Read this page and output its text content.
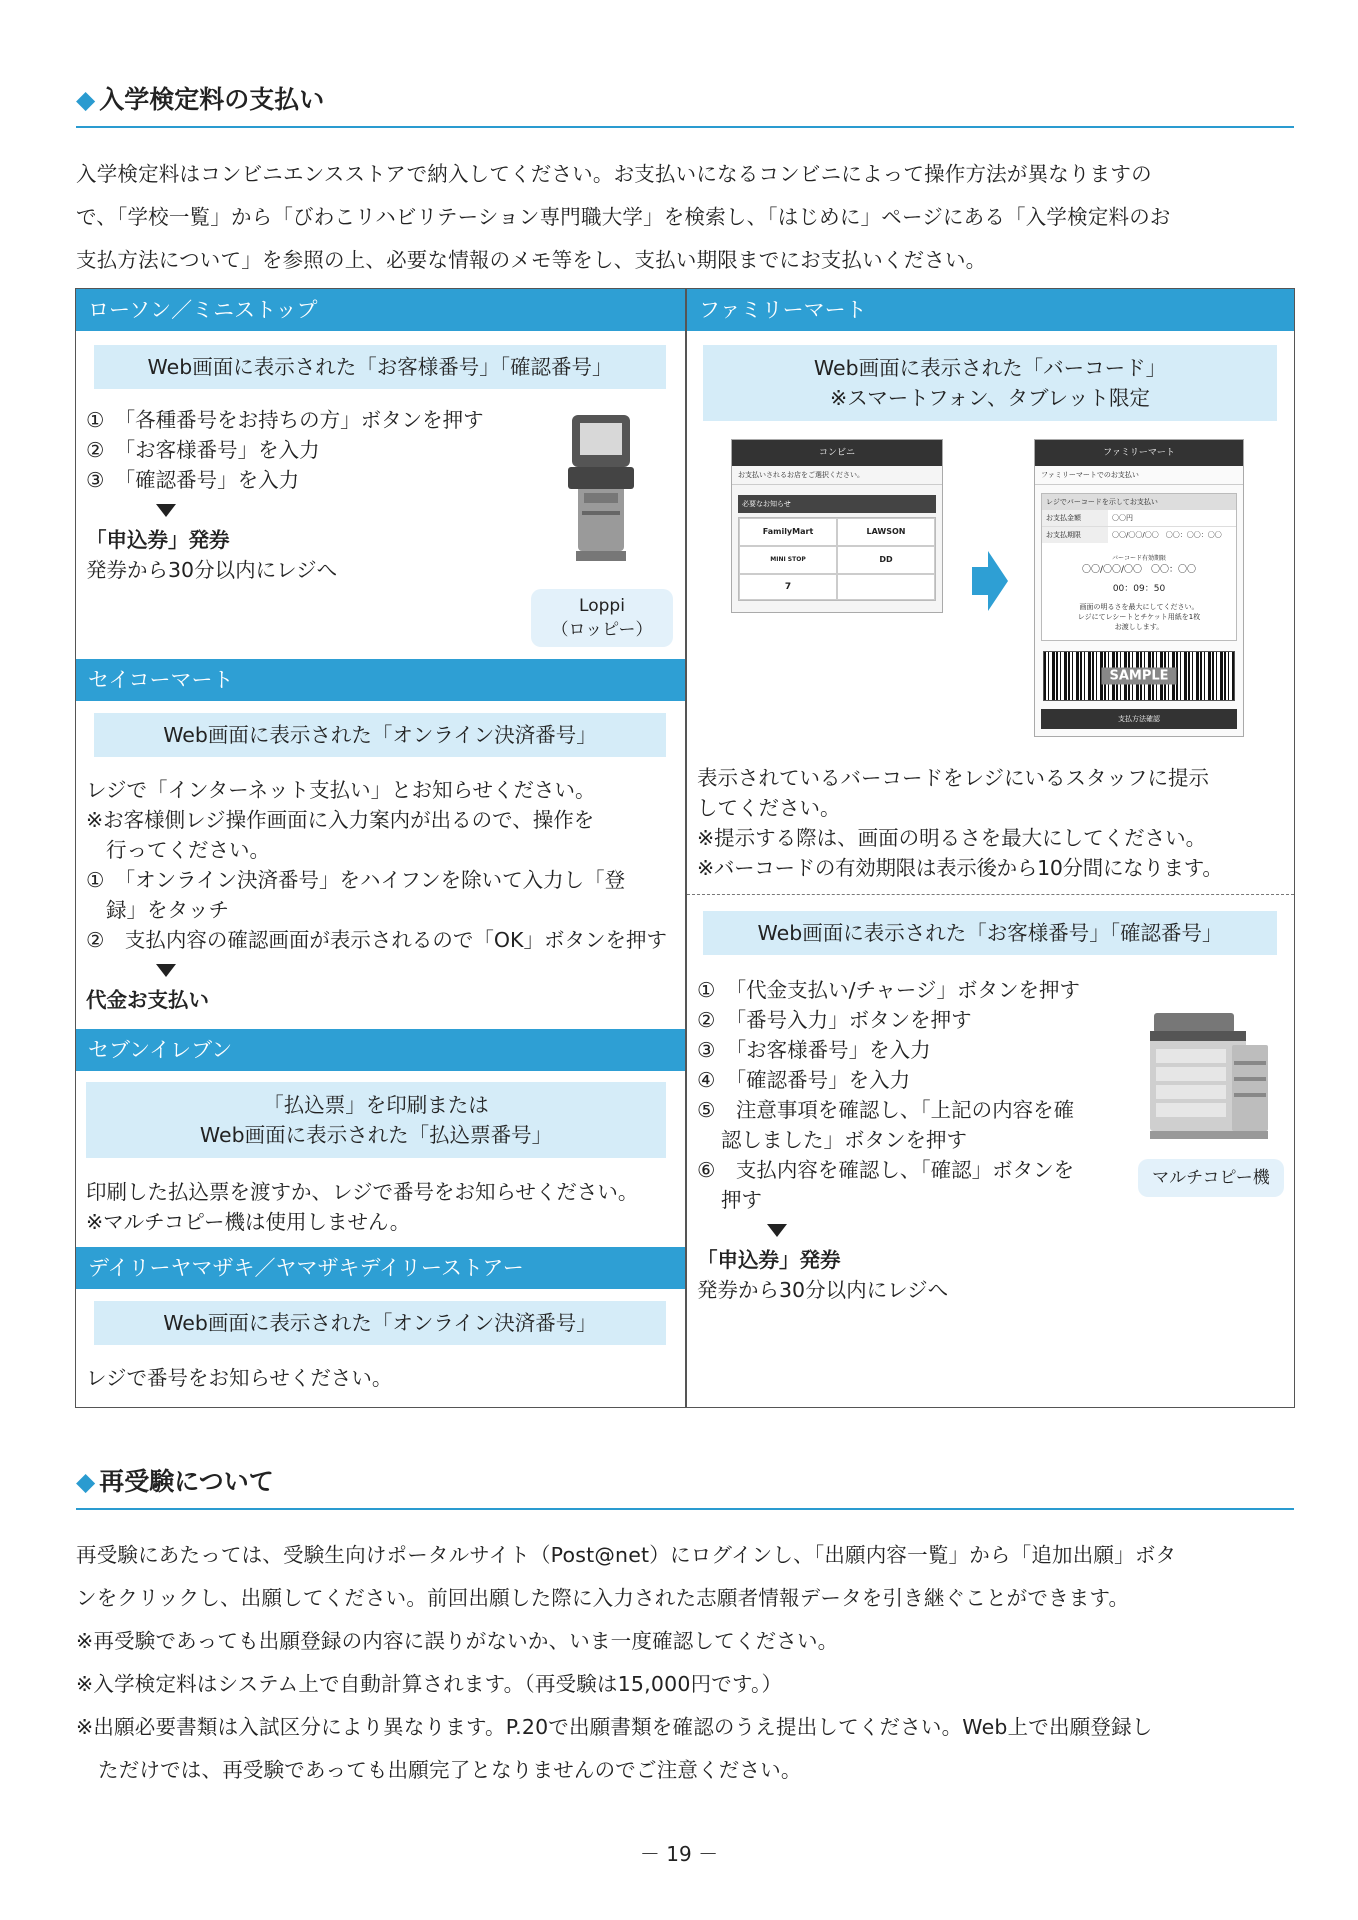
◆ 入学検定料の支払い

入学検定料はコンビニエンスストアで納入してください。お支払いになるコンビニによって操作方法が異なりますの

で、「学校一覧」から「びわこリハビリテーション専門職大学」を検索し、「はじめに」ページにある「入学検定料のお

支払方法について」を参照の上、必要な情報のメモ等をし、支払い期限までにお支払いください。

ローソン／ミニストップ
Web画面に表示された「お客様番号」「確認番号」

①　「各種番号をお持ちの方」ボタンを押す

②　「お客様番号」を入力

③　「確認番号」を入力

「申込券」発券

発券から30分以内にレジへ

Loppi
（ロッピー）
セイコーマート
Web画面に表示された「オンライン決済番号」

レジで「インターネット支払い」とお知らせください。

※お客様側レジ操作画面に入力案内が出るので、操作を

行ってください。

①　「オンライン決済番号」をハイフンを除いて入力し「登

録」をタッチ

②　支払内容の確認画面が表示されるので「OK」ボタンを押す

代金お支払い

セブンイレブン
「払込票」を印刷または
Web画面に表示された「払込票番号」

印刷した払込票を渡すか、レジで番号をお知らせください。

※マルチコピー機は使用しません。

デイリーヤマザキ／ヤマザキデイリーストアー
Web画面に表示された「オンライン決済番号」

レジで番号をお知らせください。

ファミリーマート
Web画面に表示された「バーコード」
※スマートフォン、タブレット限定
コンビニ
お支払いされるお店をご選択ください。
必要なお知らせ
FamilyMart	LAWSON
MINI STOP	DD
7
ファミリーマート
ファミリーマートでのお支払い
レジでバーコードを示してお支払い
お支払金額	〇〇円
お支払期限	〇〇/〇〇/〇〇　〇〇：〇〇：〇〇
バーコード有効期限
〇〇/〇〇/〇〇　〇〇：〇〇
00：09：50
画面の明るさを最大にしてください。
レジにてレシートとチケット用紙を1枚
お渡しします。
SAMPLE
支払方法確認

表示されているバーコードをレジにいるスタッフに提示

してください。

※提示する際は、画面の明るさを最大にしてください。

※バーコードの有効期限は表示後から10分間になります。

Web画面に表示された「お客様番号」「確認番号」

①　「代金支払い/チャージ」ボタンを押す

②　「番号入力」ボタンを押す

③　「お客様番号」を入力

④　「確認番号」を入力

⑤　注意事項を確認し、「上記の内容を確

認しました」ボタンを押す

⑥　支払内容を確認し、「確認」ボタンを

押す

「申込券」発券

発券から30分以内にレジへ

マルチコピー機
◆ 再受験について

再受験にあたっては、受験生向けポータルサイト（Post@net）にログインし、「出願内容一覧」から「追加出願」ボタ

ンをクリックし、出願してください。前回出願した際に入力された志願者情報データを引き継ぐことができます。

※再受験であっても出願登録の内容に誤りがないか、いま一度確認してください。

※入学検定料はシステム上で自動計算されます。（再受験は15,000円です。）

※出願必要書類は入試区分により異なります。P.20で出願書類を確認のうえ提出してください。Web上で出願登録し

ただけでは、再受験であっても出願完了となりませんのでご注意ください。

－ 19 －
